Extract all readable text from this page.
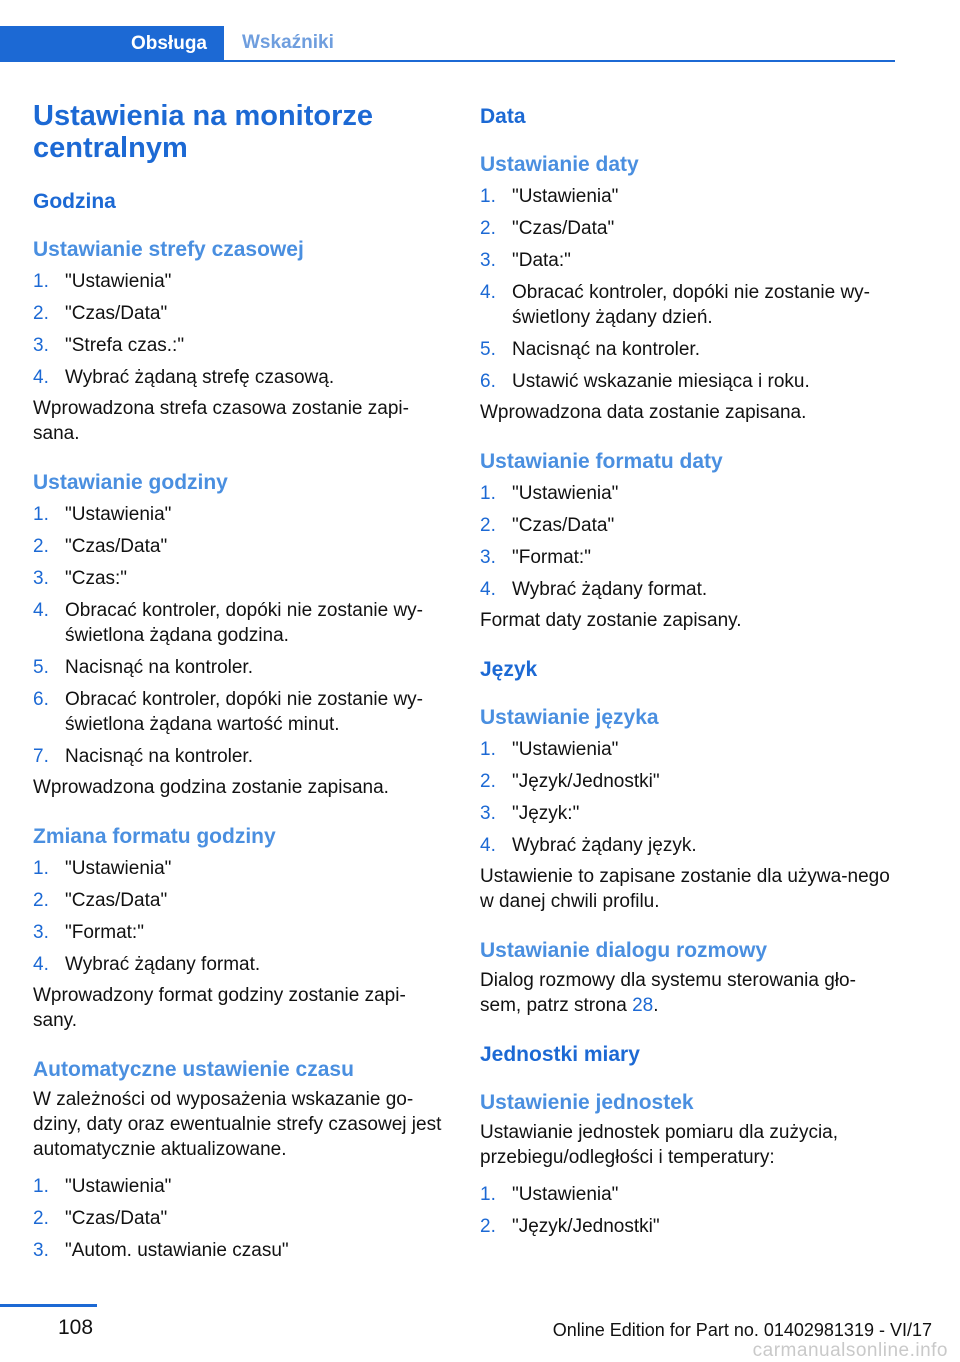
Obsługa Wskaźniki
Ustawienia na monitorze centralnym
Godzina
Ustawianie strefy czasowej
1. "Ustawienia"
2. "Czas/Data"
3. "Strefa czas.:"
4. Wybrać żądaną strefę czasową.

Wprowadzona strefa czasowa zostanie zapi‐sana.

Ustawianie godziny
1. "Ustawienia"
2. "Czas/Data"
3. "Czas:"
4. Obracać kontroler, dopóki nie zostanie wy‐świetlona żądana godzina.
5. Nacisnąć na kontroler.
6. Obracać kontroler, dopóki nie zostanie wy‐świetlona żądana wartość minut.
7. Nacisnąć na kontroler.

Wprowadzona godzina zostanie zapisana.

Zmiana formatu godziny
1. "Ustawienia"
2. "Czas/Data"
3. "Format:"
4. Wybrać żądany format.

Wprowadzony format godziny zostanie zapi‐sany.

Automatyczne ustawienie czasu

W zależności od wyposażenia wskazanie go‐dziny, daty oraz ewentualnie strefy czasowej jest automatycznie aktualizowane.

1. "Ustawienia"
2. "Czas/Data"
3. "Autom. ustawianie czasu"
Data
Ustawianie daty
1. "Ustawienia"
2. "Czas/Data"
3. "Data:"
4. Obracać kontroler, dopóki nie zostanie wy‐świetlony żądany dzień.
5. Nacisnąć na kontroler.
6. Ustawić wskazanie miesiąca i roku.

Wprowadzona data zostanie zapisana.

Ustawianie formatu daty
1. "Ustawienia"
2. "Czas/Data"
3. "Format:"
4. Wybrać żądany format.

Format daty zostanie zapisany.

Język
Ustawianie języka
1. "Ustawienia"
2. "Język/Jednostki"
3. "Język:"
4. Wybrać żądany język.

Ustawienie to zapisane zostanie dla używa‐nego w danej chwili profilu.

Ustawianie dialogu rozmowy

Dialog rozmowy dla systemu sterowania gło‐sem, patrz strona 28.

Jednostki miary
Ustawienie jednostek

Ustawianie jednostek pomiaru dla zużycia, przebiegu/odległości i temperatury:

1. "Ustawienia"
2. "Język/Jednostki"
108	Online Edition for Part no. 01402981319 - VI/17
carmanualsonline.info
